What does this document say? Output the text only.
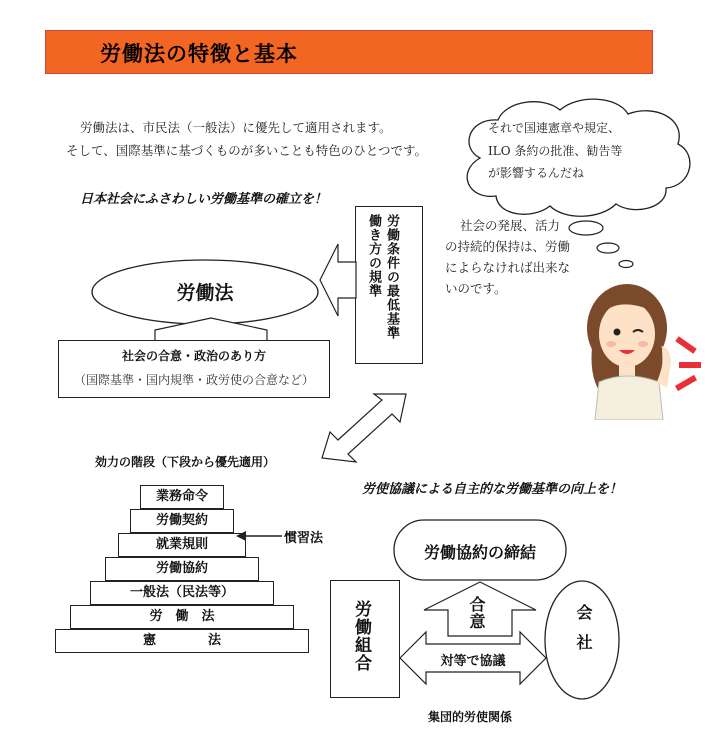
労働法の特徴と基本
労働法は、市民法（一般法）に優先して適用されます。
そして、国際基準に基づくものが多いことも特色のひとつです。
それで国連憲章や規定、
ILO 条約の批准、勧告等
が影響するんだね
日本社会にふさわしい労働基準の確立を！
社会の発展、活力
の持続的保持は、労働
によらなければ出来な
いのです。
労働条件の最低基準 働き方の規準
労働法
社会の合意・政治のあり方
（国際基準・国内規準・政労使の合意など）
効力の階段（下段から優先適用）
業務命令
労働契約
就業規則
労働協約
一般法（民法等）
労　働　法
憲　　　　法
慣習法
労使協議による自主的な労働基準の向上を！
労働協約の締結
労働組合	会社
合意
対等で協議
集団的労使関係
